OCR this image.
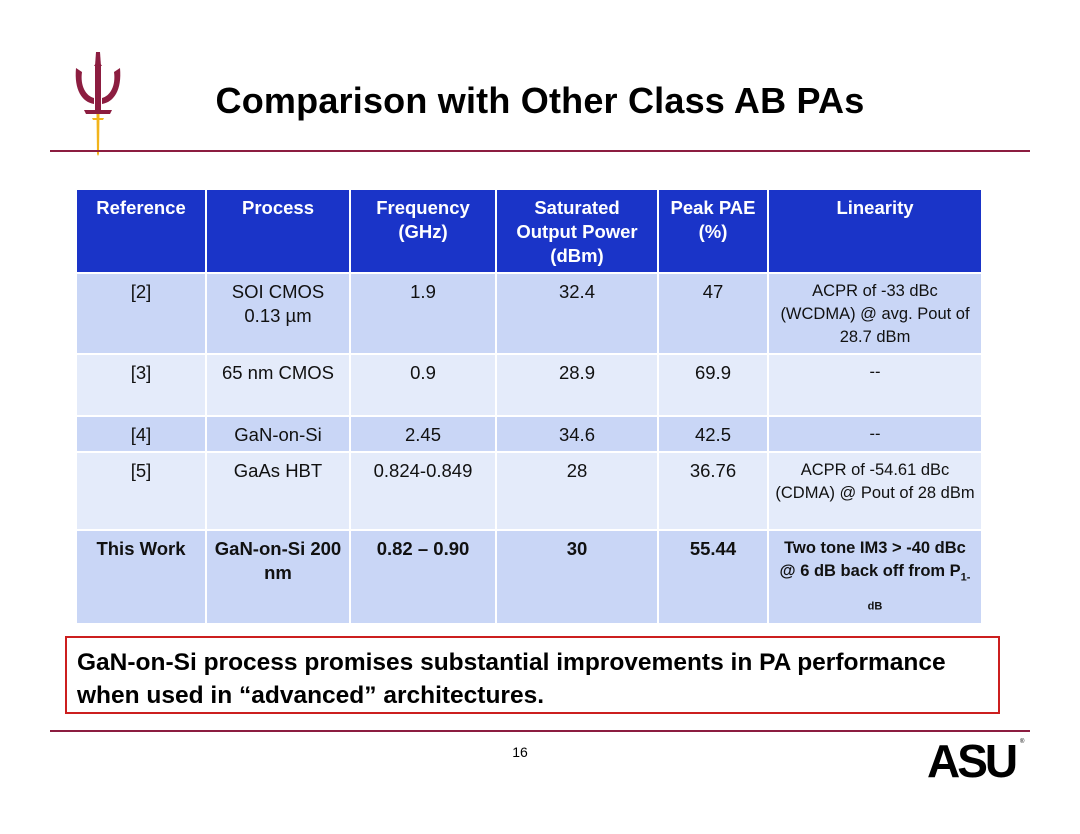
Comparison with Other Class AB PAs
Reference	Process	Frequency (GHz)	Saturated Output Power (dBm)	Peak PAE (%)	Linearity
[2]	SOI CMOS 0.13 µm	1.9	32.4	47	ACPR of -33 dBc (WCDMA) @ avg. Pout of 28.7 dBm
[3]	65 nm CMOS	0.9	28.9	69.9	--
[4]	GaN-on-Si	2.45	34.6	42.5	--
[5]	GaAs HBT	0.824-0.849	28	36.76	ACPR of -54.61 dBc (CDMA) @ Pout of 28 dBm
This Work	GaN-on-Si 200 nm	0.82 – 0.90	30	55.44	Two tone IM3 > -40 dBc @ 6 dB back off from $P_{1-dB}$
GaN-on-Si process promises substantial improvements in PA performance when used in “advanced” architectures.
16	ASU ®
